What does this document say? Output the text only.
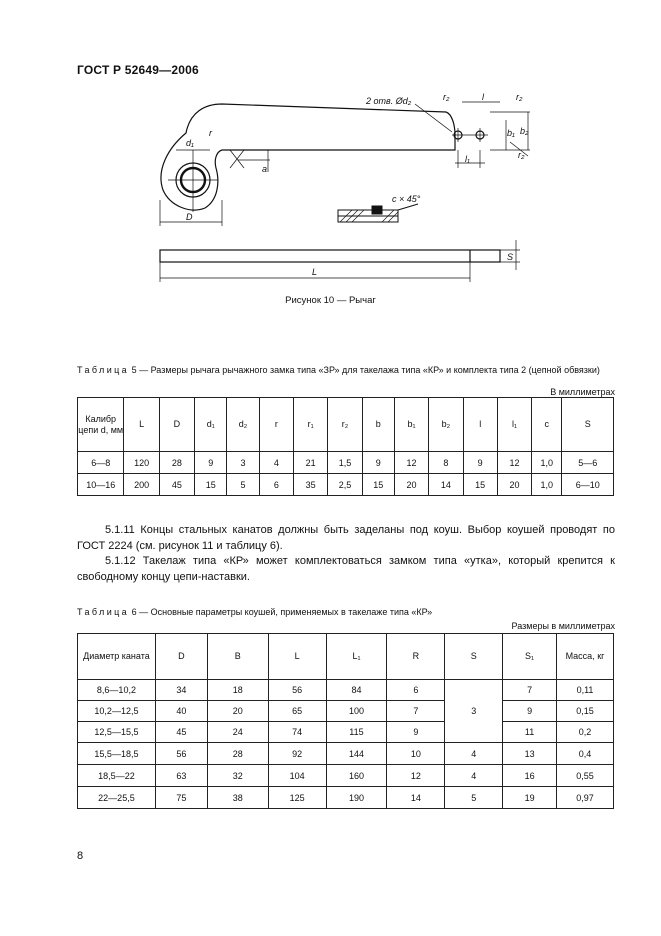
ГОСТ Р 52649—2006
2 отв. Ød₂	r₂	l	r₂
b₁ b₂
l₁	r₂
d₁
r
a
D
c × 45°
L
S
Рисунок 10 — Рычаг
Таблица 5 — Размеры рычага рычажного замка типа «ЗР» для такелажа типа «КР» и комплекта типа 2 (цепной обвязки)
В миллиметрах
Калибр цепи d, мм	L	D	d₁	d₂	r	r₁	r₂	b	b₁	b₂	l	l₁	c	S
6—8	120	28	9	3	4	21	1,5	9	12	8	9	12	1,0	5—6
10—16	200	45	15	5	6	35	2,5	15	20	14	15	20	1,0	6—10

5.1.11 Концы стальных канатов должны быть заделаны под коуш. Выбор коушей проводят по ГОСТ 2224 (см. рисунок 11 и таблицу 6).

5.1.12 Такелаж типа «КР» может комплектоваться замком типа «утка», который крепится к свободному концу цепи-наставки.

Таблица 6 — Основные параметры коушей, применяемых в такелаже типа «КР»
Размеры в миллиметрах
Диаметр каната	D	B	L	L₁	R	S	S₁	Масса, кг
8,6—10,2	34	18	56	84	6	3	7	0,11
10,2—12,5	40	20	65	100	7		9	0,15
12,5—15,5	45	24	74	115	9		11	0,2
15,5—18,5	56	28	92	144	10	4	13	0,4
18,5—22	63	32	104	160	12	4	16	0,55
22—25,5	75	38	125	190	14	5	19	0,97
8
